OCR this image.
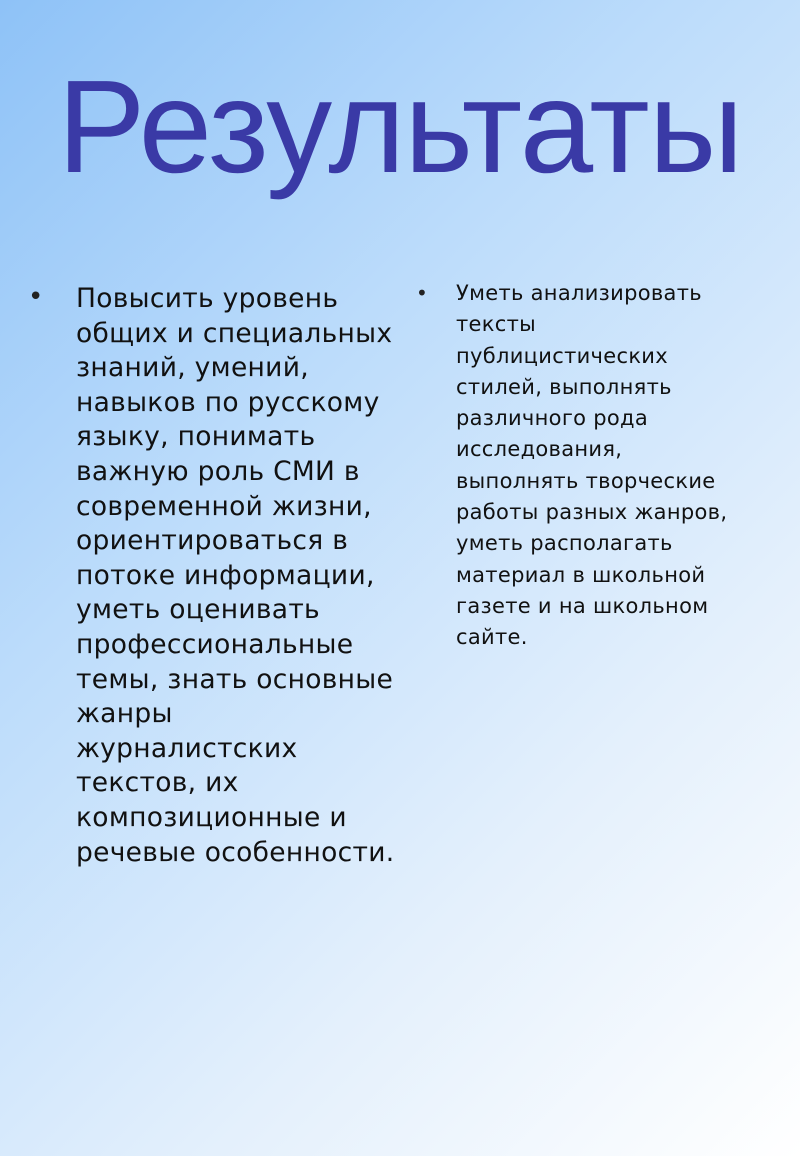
Результаты
•	Повысить уровень общих и специальных знаний, умений, навыков по русскому языку, понимать важную роль СМИ в современной жизни, ориентироваться в потоке информации, уметь оценивать профессиональные темы, знать основные жанры журналистских текстов, их композиционные и речевые особенности.
•	Уметь анализировать тексты публицистических стилей, выполнять различного рода исследования, выполнять творческие работы разных жанров, уметь располагать материал в школьной газете и на школьном сайте.
